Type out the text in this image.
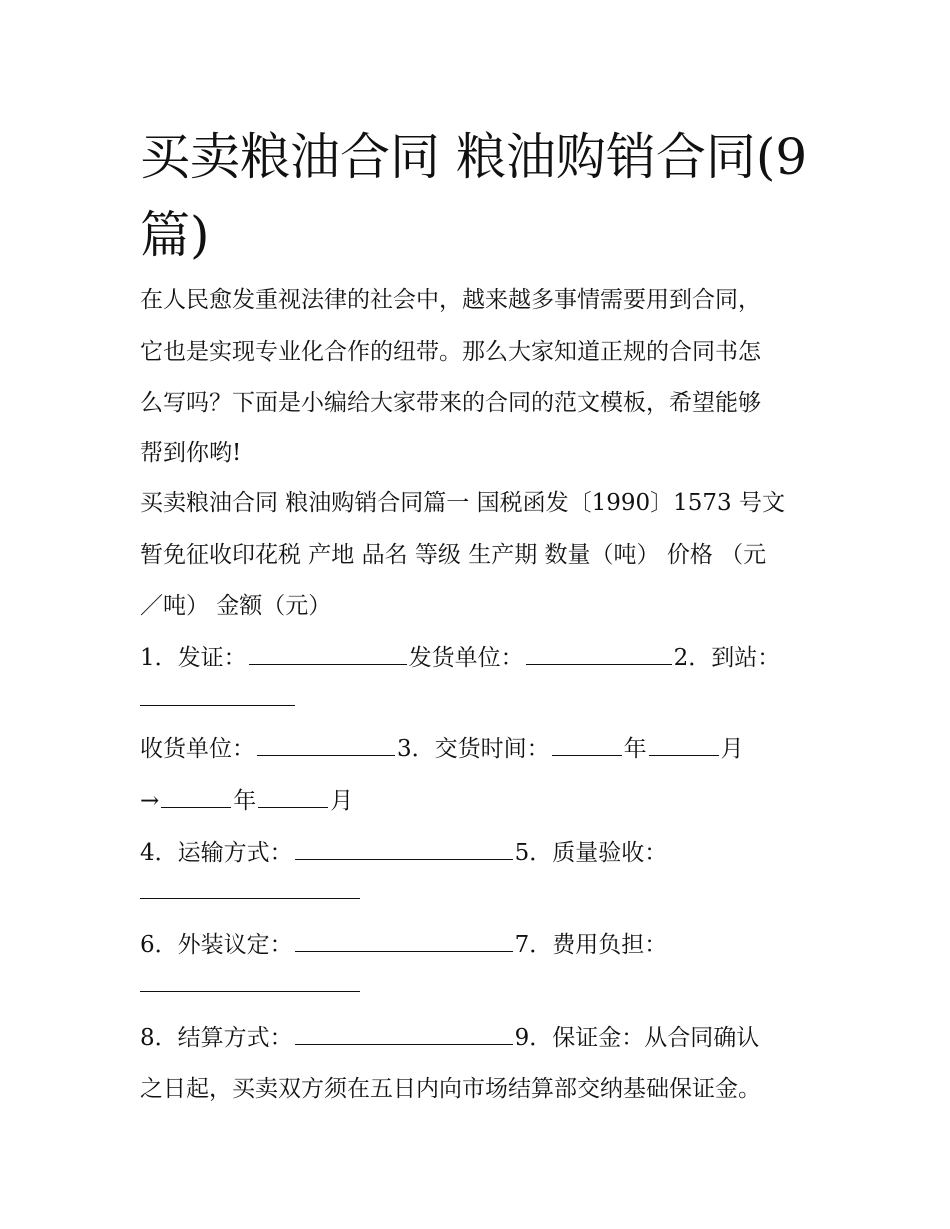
买卖粮油合同 粮油购销合同(9篇)
在人民愈发重视法律的社会中，越来越多事情需要用到合同，
它也是实现专业化合作的纽带。那么大家知道正规的合同书怎
么写吗？下面是小编给大家带来的合同的范文模板，希望能够
帮到你哟!
买卖粮油合同 粮油购销合同篇一 国税函发〔1990〕1573 号文
暂免征收印花税 产地 品名 等级 生产期 数量（吨） 价格 （元
／吨） 金额（元）
1．发证：	发货单位：	2．到站：
收货单位：	3．交货时间：	年	月
→	年	月
4．运输方式：	5．质量验收：
6．外装议定：	7．费用负担：
8．结算方式：	9．保证金：从合同确认
之日起，买卖双方须在五日内向市场结算部交纳基础保证金。
